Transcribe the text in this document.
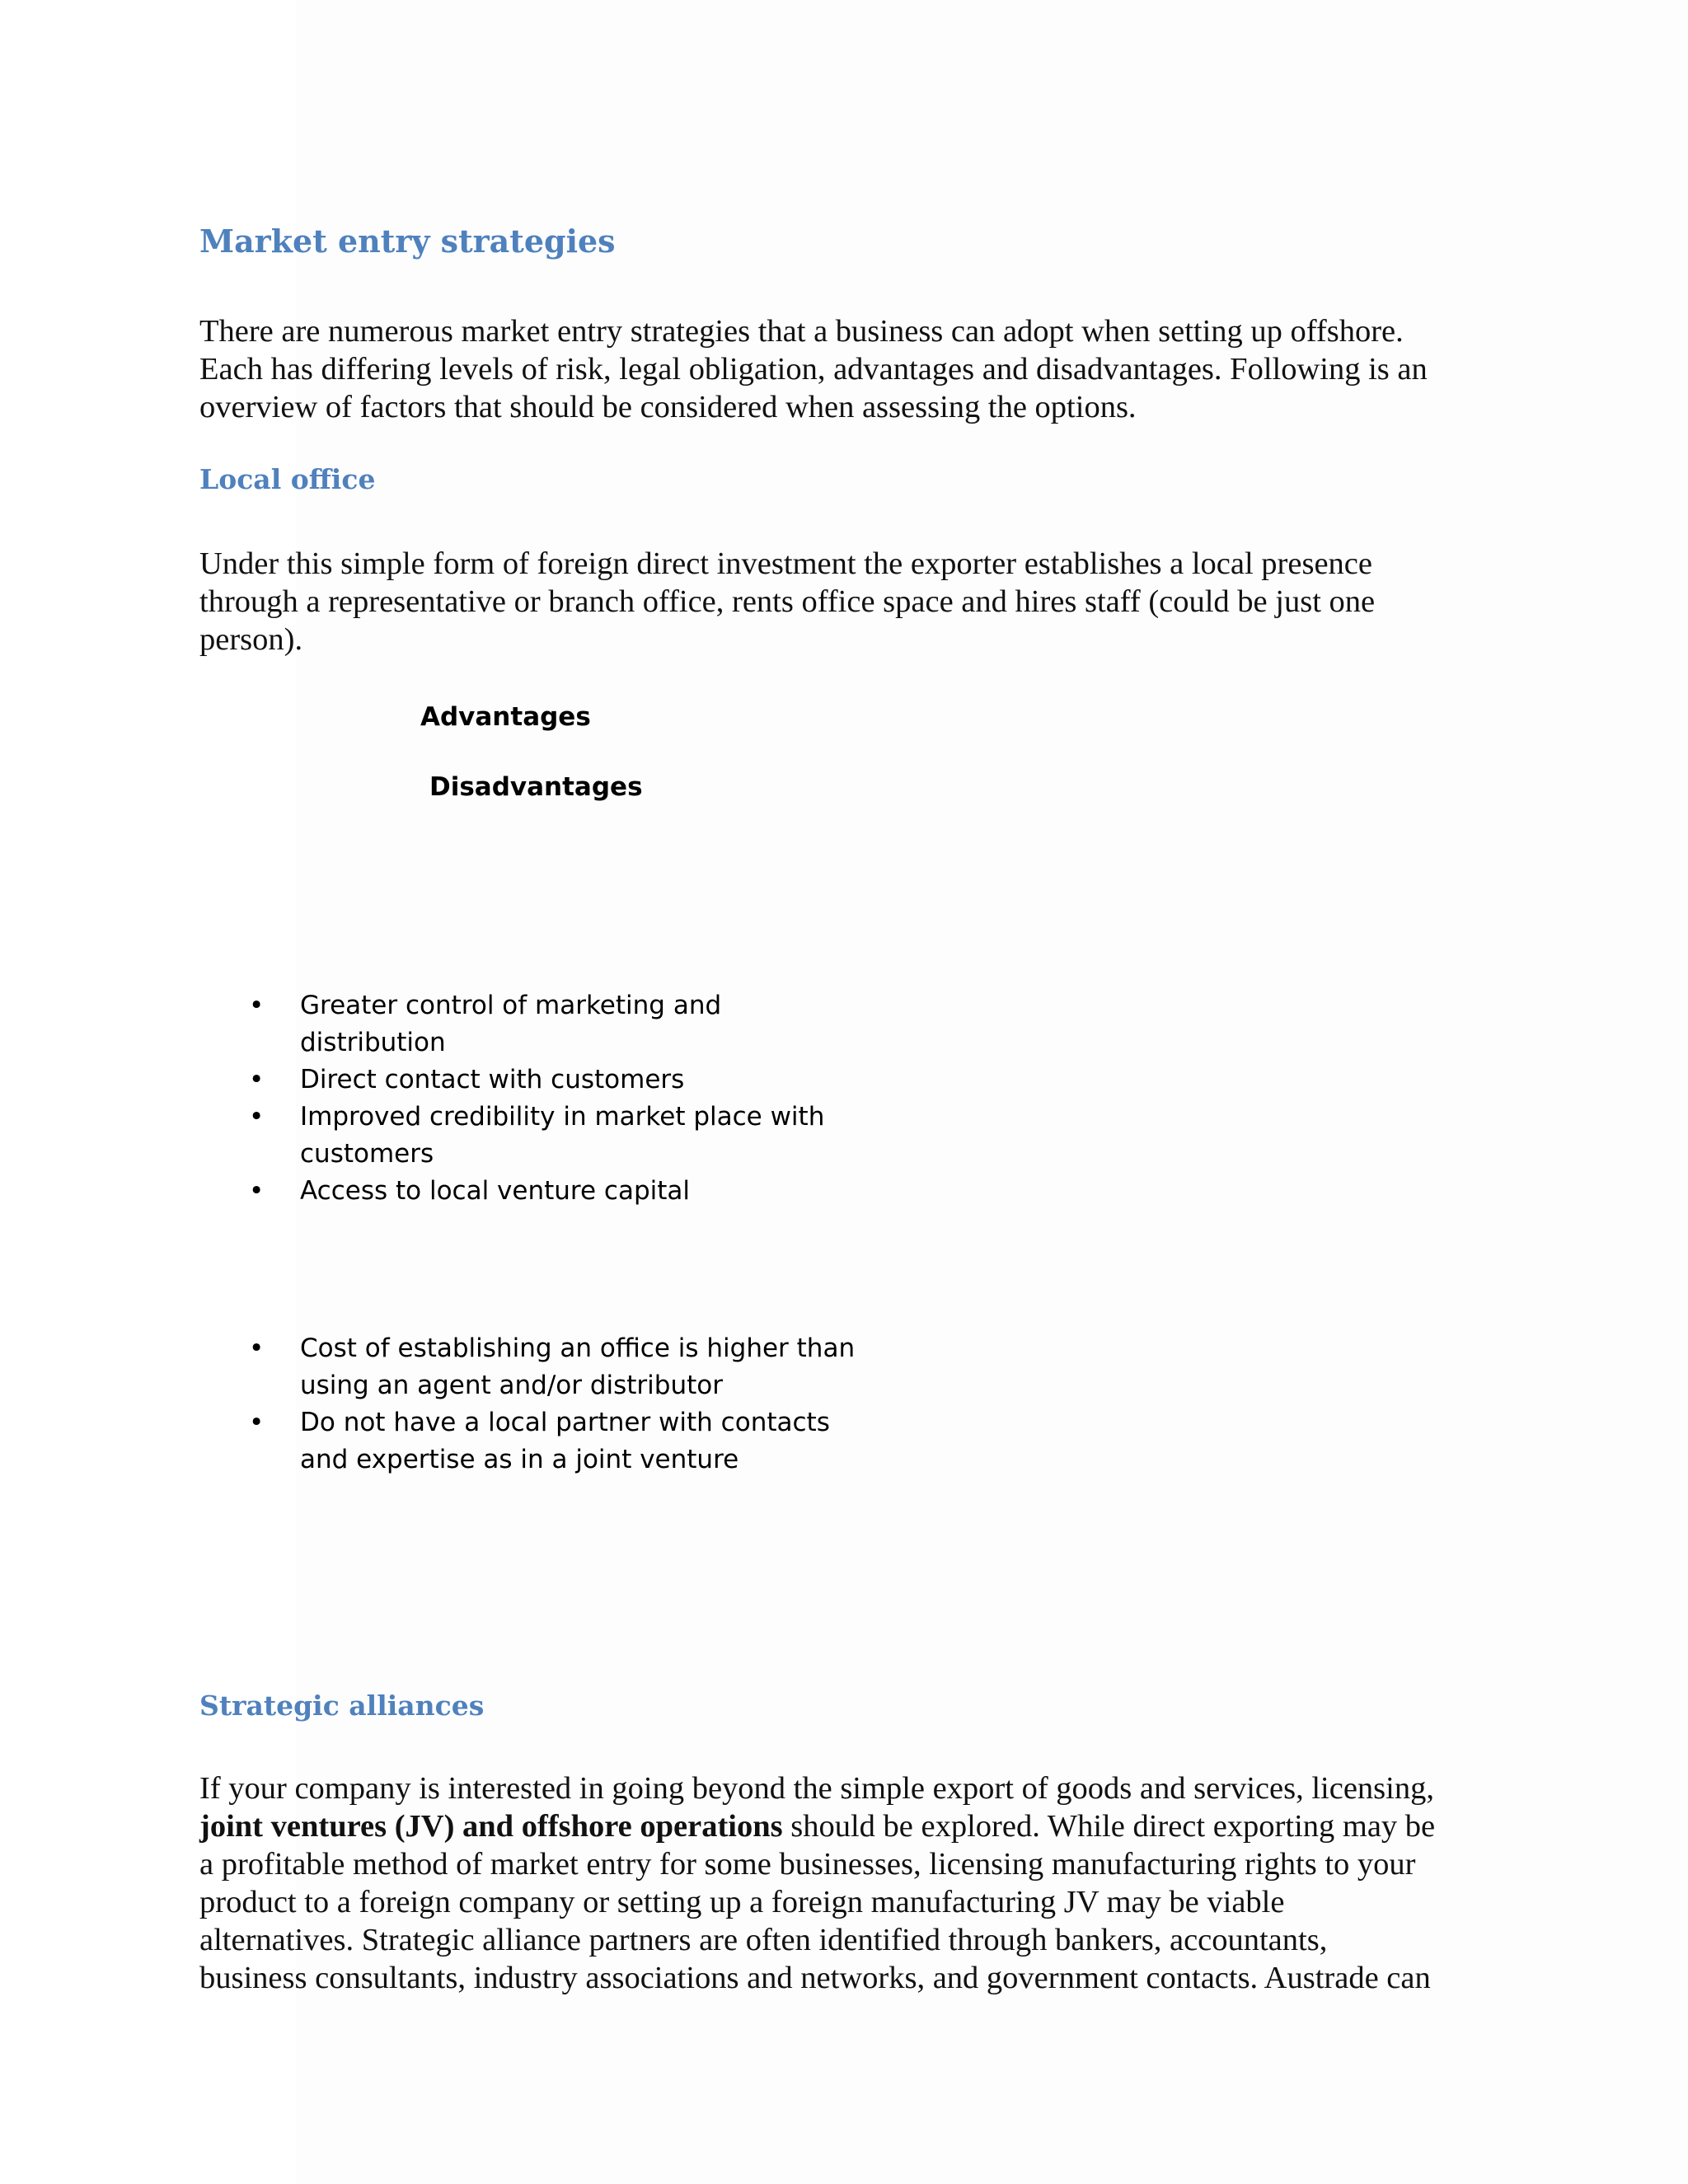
Market entry strategies
There are numerous market entry strategies that a business can adopt when setting up offshore.
Each has differing levels of risk, legal obligation, advantages and disadvantages. Following is an
overview of factors that should be considered when assessing the options.
Local office
Under this simple form of foreign direct investment the exporter establishes a local presence
through a representative or branch office, rents office space and hires staff (could be just one
person).
Advantages
Disadvantages
• Greater control of marketing and
distribution
• Direct contact with customers
• Improved credibility in market place with
customers
• Access to local venture capital
• Cost of establishing an office is higher than
using an agent and/or distributor
• Do not have a local partner with contacts
and expertise as in a joint venture
Strategic alliances
If your company is interested in going beyond the simple export of goods and services, licensing,
joint ventures (JV) and offshore operations should be explored. While direct exporting may be
a profitable method of market entry for some businesses, licensing manufacturing rights to your
product to a foreign company or setting up a foreign manufacturing JV may be viable
alternatives. Strategic alliance partners are often identified through bankers, accountants,
business consultants, industry associations and networks, and government contacts. Austrade can
